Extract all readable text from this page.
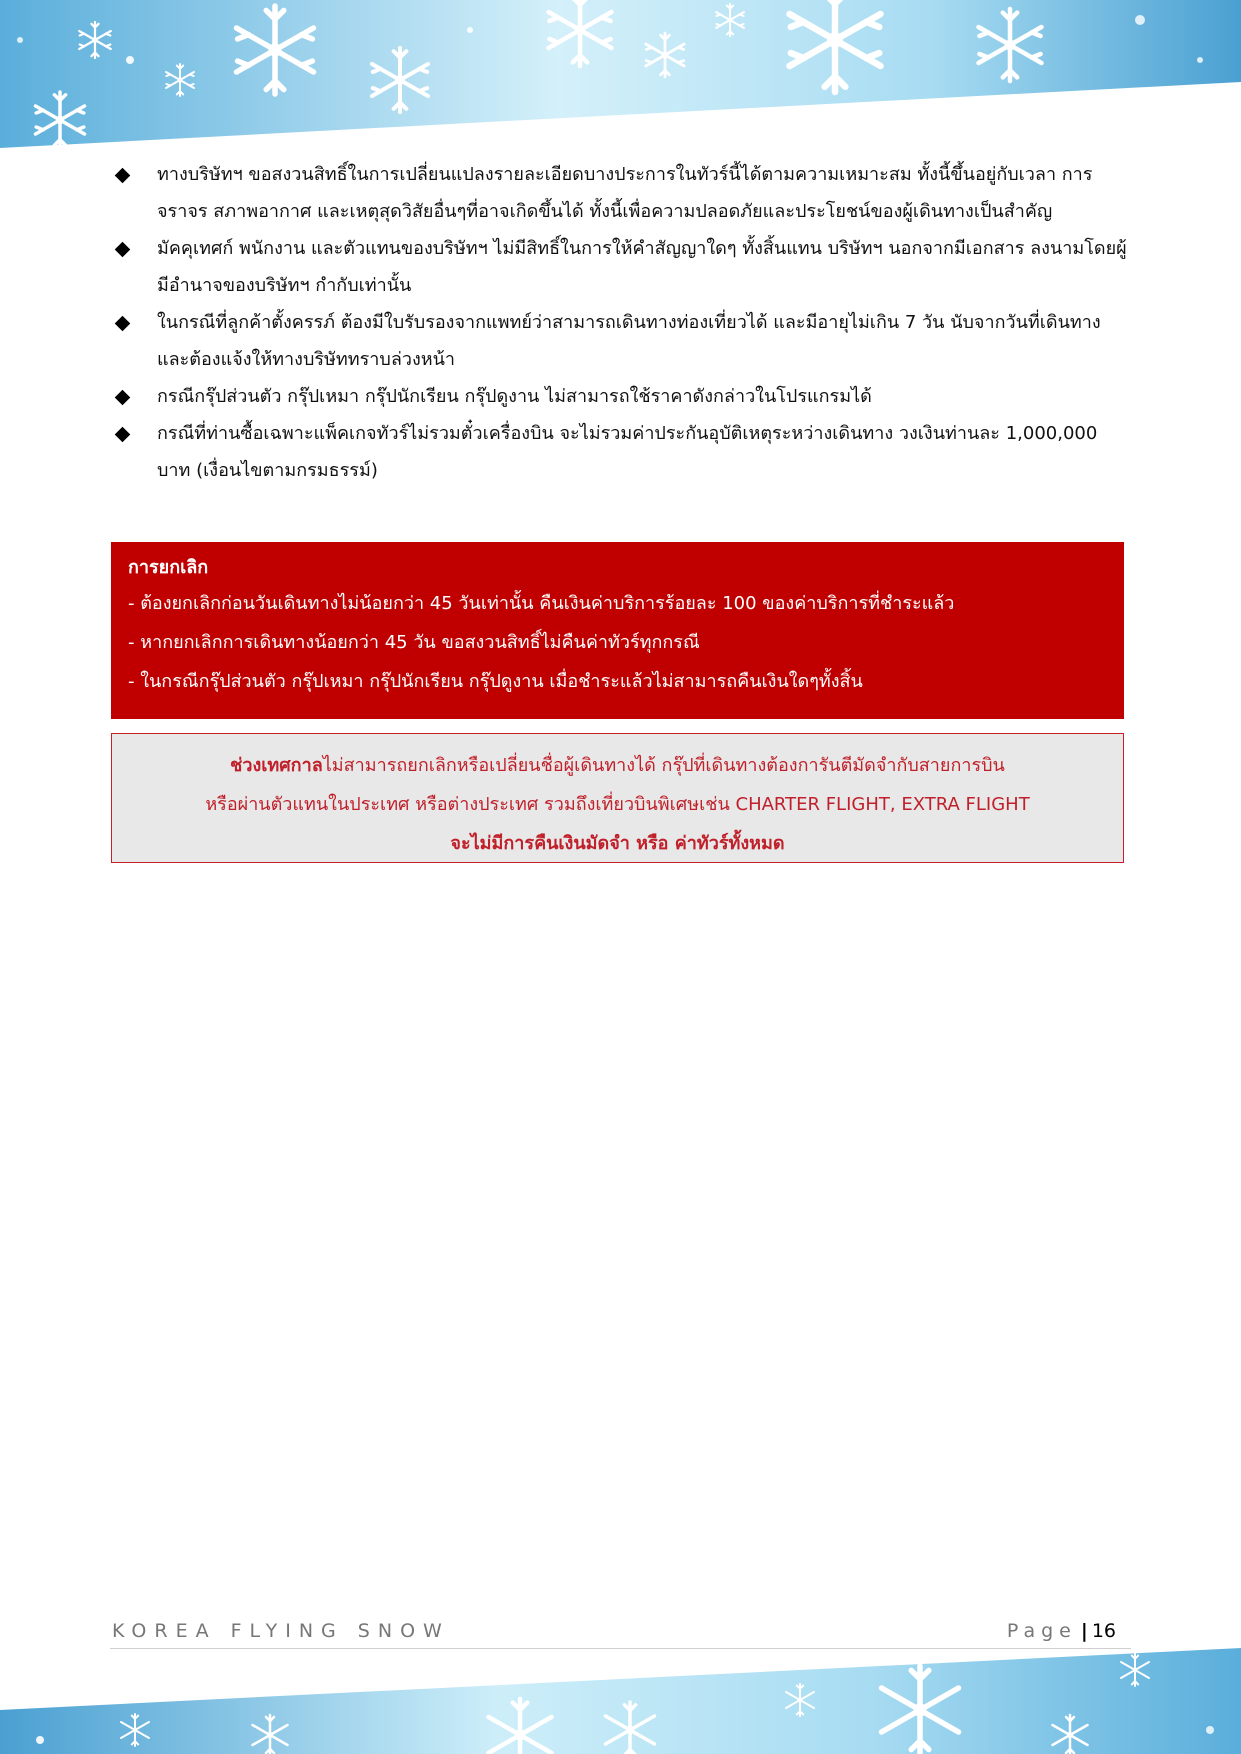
ทางบริษัทฯ ขอสงวนสิทธิ์ในการเปลี่ยนแปลงรายละเอียดบางประการในทัวร์นี้ได้ตามความเหมาะสม ทั้งนี้ขึ้นอยู่กับเวลา การจราจร สภาพอากาศ และเหตุสุดวิสัยอื่นๆที่อาจเกิดขึ้นได้ ทั้งนี้เพื่อความปลอดภัยและประโยชน์ของผู้เดินทางเป็นสำคัญ
มัคคุเทศก์ พนักงาน และตัวแทนของบริษัทฯ ไม่มีสิทธิ์ในการให้คำสัญญาใดๆ ทั้งสิ้นแทน บริษัทฯ นอกจากมีเอกสาร ลงนามโดยผู้มีอำนาจของบริษัทฯ กำกับเท่านั้น
ในกรณีที่ลูกค้าตั้งครรภ์ ต้องมีใบรับรองจากแพทย์ว่าสามารถเดินทางท่องเที่ยวได้ และมีอายุไม่เกิน 7 วัน นับจากวันที่เดินทาง และต้องแจ้งให้ทางบริษัททราบล่วงหน้า
กรณีกรุ๊ปส่วนตัว กรุ๊ปเหมา กรุ๊ปนักเรียน กรุ๊ปดูงาน ไม่สามารถใช้ราคาดังกล่าวในโปรแกรมได้
กรณีที่ท่านซื้อเฉพาะแพ็คเกจทัวร์ไม่รวมตั๋วเครื่องบิน จะไม่รวมค่าประกันอุบัติเหตุระหว่างเดินทาง วงเงินท่านละ 1,000,000 บาท (เงื่อนไขตามกรมธรรม์)
การยกเลิก
- ต้องยกเลิกก่อนวันเดินทางไม่น้อยกว่า 45 วันเท่านั้น คืนเงินค่าบริการร้อยละ 100 ของค่าบริการที่ชำระแล้ว
- หากยกเลิกการเดินทางน้อยกว่า 45 วัน ขอสงวนสิทธิ์ไม่คืนค่าทัวร์ทุกกรณี
- ในกรณีกรุ๊ปส่วนตัว กรุ๊ปเหมา กรุ๊ปนักเรียน กรุ๊ปดูงาน เมื่อชำระแล้วไม่สามารถคืนเงินใดๆทั้งสิ้น
ช่วงเทศกาลไม่สามารถยกเลิกหรือเปลี่ยนชื่อผู้เดินทางได้ กรุ๊ปที่เดินทางต้องการันตีมัดจำกับสายการบิน
หรือผ่านตัวแทนในประเทศ หรือต่างประเทศ รวมถึงเที่ยวบินพิเศษเช่น CHARTER FLIGHT, EXTRA FLIGHT
จะไม่มีการคืนเงินมัดจำ หรือ ค่าทัวร์ทั้งหมด
KOREA FLYING SNOW	Page | 16
